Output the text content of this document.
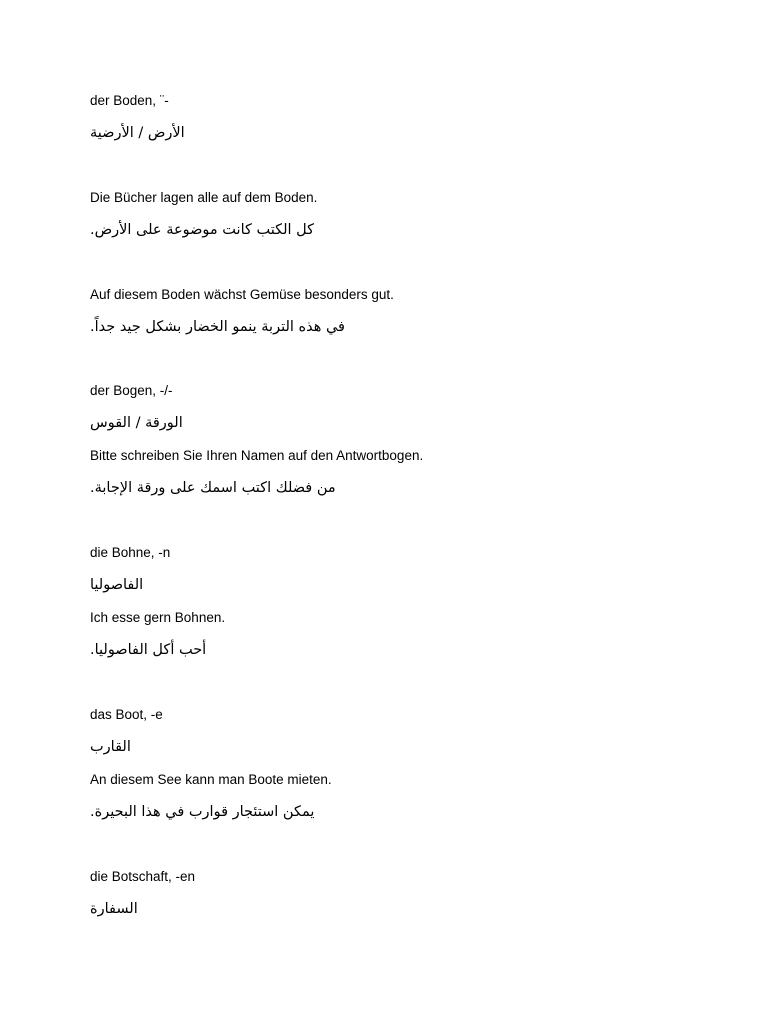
der Boden, ¨-
الأرض / الأرضية
Die Bücher lagen alle auf dem Boden.
كل الكتب كانت موضوعة على الأرض.
Auf diesem Boden wächst Gemüse besonders gut.
في هذه التربة ينمو الخضار بشكل جيد جداً.
der Bogen, -/-
الورقة / القوس
Bitte schreiben Sie Ihren Namen auf den Antwortbogen.
من فضلك اكتب اسمك على ورقة الإجابة.
die Bohne, -n
الفاصوليا
Ich esse gern Bohnen.
أحب أكل الفاصوليا.
das Boot, -e
القارب
An diesem See kann man Boote mieten.
يمكن استئجار قوارب في هذا البحيرة.
die Botschaft, -en
السفارة
